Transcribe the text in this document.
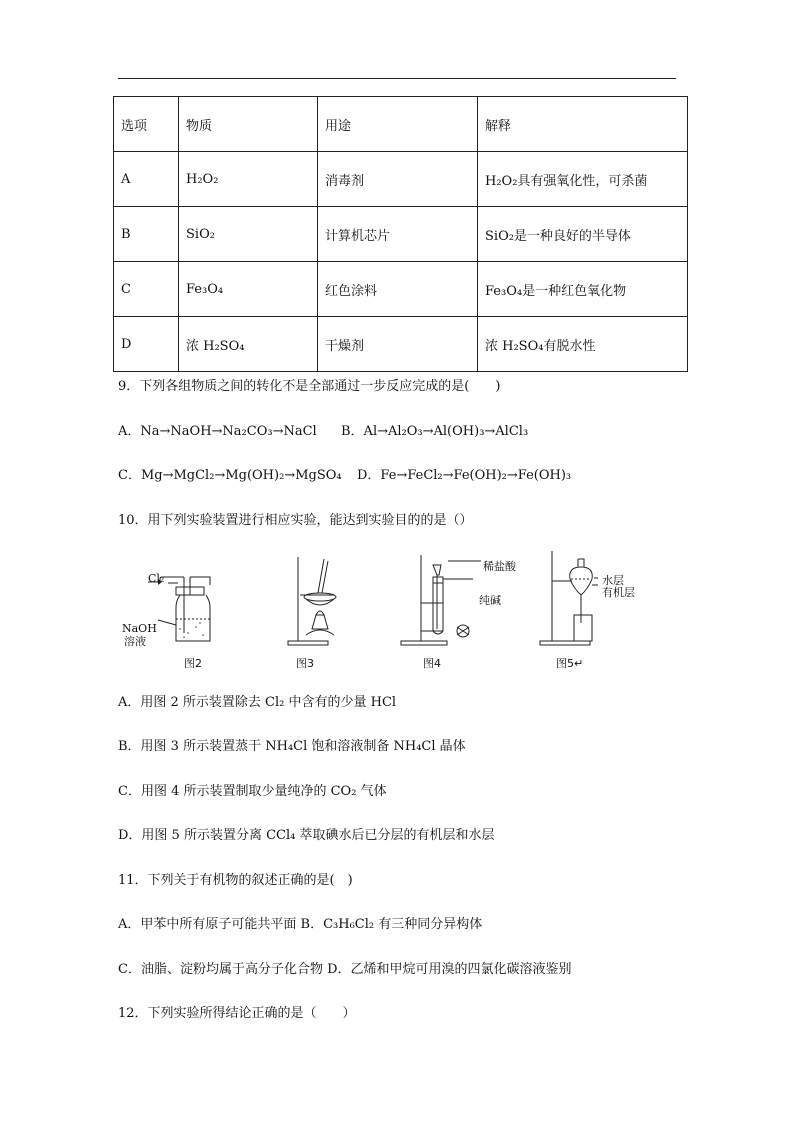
选项	物质	用途	解释
A	H₂O₂	消毒剂	H₂O₂具有强氧化性，可杀菌
B	SiO₂	计算机芯片	SiO₂是一种良好的半导体
C	Fe₃O₄	红色涂料	Fe₃O₄是一种红色氧化物
D	浓 H₂SO₄	干燥剂	浓 H₂SO₄有脱水性
9．下列各组物质之间的转化不是全部通过一步反应完成的是(　　)
A．Na→NaOH→Na₂CO₃→NaCl B．Al→Al₂O₃→Al(OH)₃→AlCl₃
C．Mg→MgCl₂→Mg(OH)₂→MgSO₄ D．Fe→FeCl₂→Fe(OH)₂→Fe(OH)₃
10．用下列实验装置进行相应实验，能达到实验目的的是（）
Cl₂
NaOH
溶液
图2	图3
稀盐酸
纯碱
图4
水层
有机层
图5↵
A．用图 2 所示装置除去 Cl₂ 中含有的少量 HCl
B．用图 3 所示装置蒸干 NH₄Cl 饱和溶液制备 NH₄Cl 晶体
C．用图 4 所示装置制取少量纯净的 CO₂ 气体
D．用图 5 所示装置分离 CCl₄ 萃取碘水后已分层的有机层和水层
11．下列关于有机物的叙述正确的是(　)
A．甲苯中所有原子可能共平面 B．C₃H₆Cl₂ 有三种同分异构体
C．油脂、淀粉均属于高分子化合物 D．乙烯和甲烷可用溴的四氯化碳溶液鉴别
12．下列实验所得结论正确的是（　　）
